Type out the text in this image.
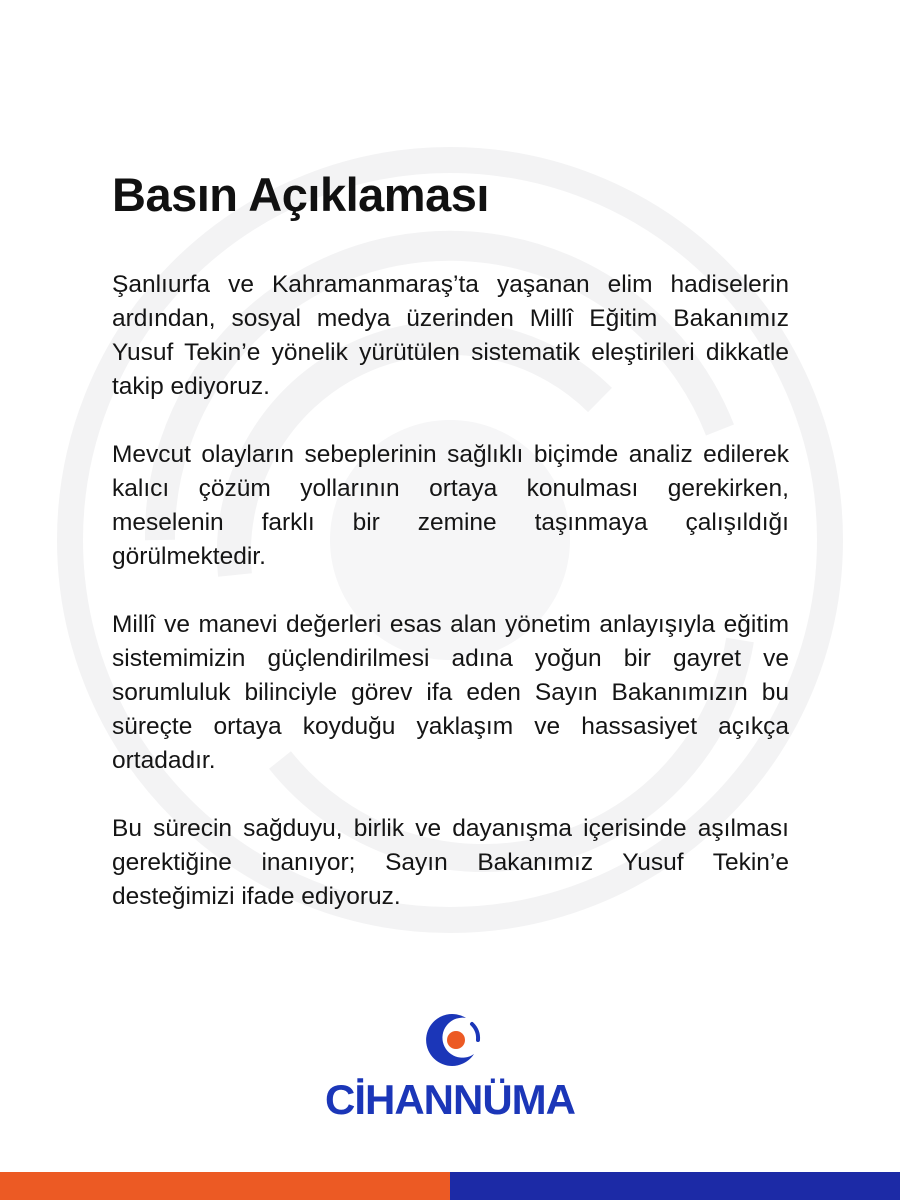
Basın Açıklaması

Şanlıurfa ve Kahramanmaraş’ta yaşanan elim hadiselerin ardından, sosyal medya üzerinden Millî Eğitim Bakanımız Yusuf Tekin’e yönelik yürütülen sistematik eleştirileri dikkatle takip ediyoruz.

Mevcut olayların sebeplerinin sağlıklı biçimde analiz edilerek kalıcı çözüm yollarının ortaya konulması gerekirken, meselenin farklı bir zemine taşınmaya çalışıldığı görülmektedir.

Millî ve manevi değerleri esas alan yönetim anlayışıyla eğitim sistemimizin güçlendirilmesi adına yoğun bir gayret ve sorumluluk bilinciyle görev ifa eden Sayın Bakanımızın bu süreçte ortaya koyduğu yaklaşım ve hassasiyet açıkça ortadadır.

Bu sürecin sağduyu, birlik ve dayanışma içerisinde aşılması gerektiğine inanıyor; Sayın Bakanımız Yusuf Tekin’e desteğimizi ifade ediyoruz.

CİHANNÜMA
